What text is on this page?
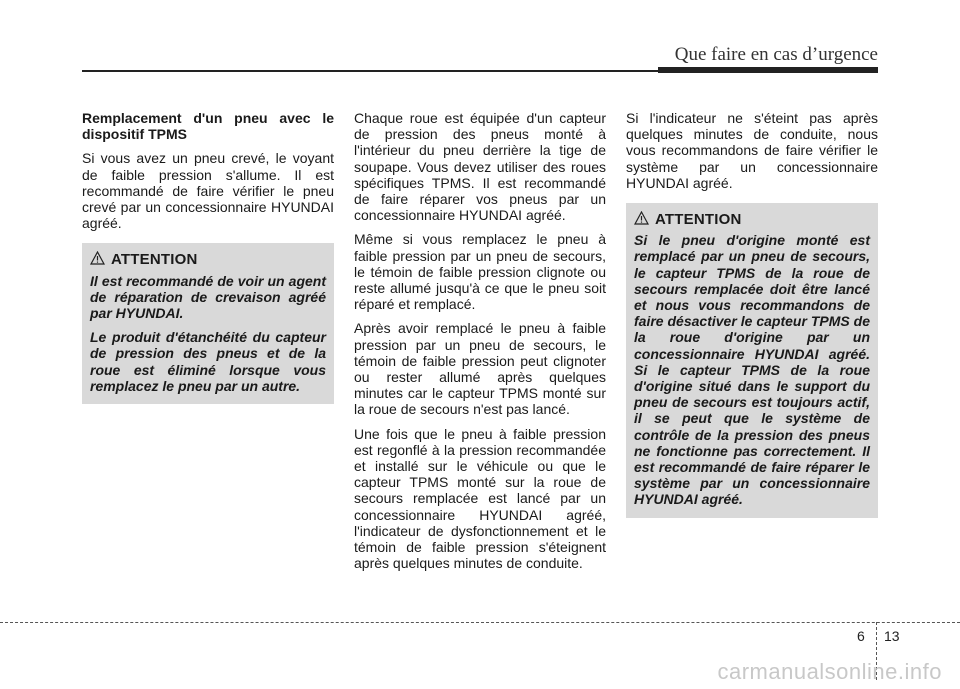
Que faire en cas d’urgence

Remplacement d'un pneu avec le dispositif TPMS

Si vous avez un pneu crevé, le voyant de faible pression s'allume. Il est recommandé de faire vérifier le pneu crevé par un concessionnaire HYUNDAI agréé.

ATTENTION

Il est recommandé de voir un agent de réparation de crevaison agréé par HYUNDAI.

Le produit d'étanchéité du capteur de pression des pneus et de la roue est éliminé lorsque vous remplacez le pneu par un autre.

Chaque roue est équipée d'un capteur de pression des pneus monté à l'intérieur du pneu derrière la tige de soupape. Vous devez utiliser des roues spécifiques TPMS. Il est recommandé de faire réparer vos pneus par un concessionnaire HYUNDAI agréé.

Même si vous remplacez le pneu à faible pression par un pneu de secours, le témoin de faible pression clignote ou reste allumé jusqu'à ce que le pneu soit réparé et remplacé.

Après avoir remplacé le pneu à faible pression par un pneu de secours, le témoin de faible pression peut clignoter ou rester allumé après quelques minutes car le capteur TPMS monté sur la roue de secours n'est pas lancé.

Une fois que le pneu à faible pression est regonflé à la pression recommandée et installé sur le véhicule ou que le capteur TPMS monté sur la roue de secours remplacée est lancé par un concessionnaire HYUNDAI agréé, l'indicateur de dysfonctionnement et le témoin de faible pression s'éteignent après quelques minutes de conduite.

Si l'indicateur ne s'éteint pas après quelques minutes de conduite, nous vous recommandons de faire vérifier le système par un concessionnaire HYUNDAI agréé.

ATTENTION

Si le pneu d'origine monté est remplacé par un pneu de secours, le capteur TPMS de la roue de secours remplacée doit être lancé et nous vous recommandons de faire désactiver le capteur TPMS de la roue d'origine par un concessionnaire HYUNDAI agréé. Si le capteur TPMS de la roue d'origine situé dans le support du pneu de secours est toujours actif, il se peut que le système de contrôle de la pression des pneus ne fonctionne pas correctement. Il est recommandé de faire réparer le système par un concessionnaire HYUNDAI agréé.

6 13
carmanualsonline.info
